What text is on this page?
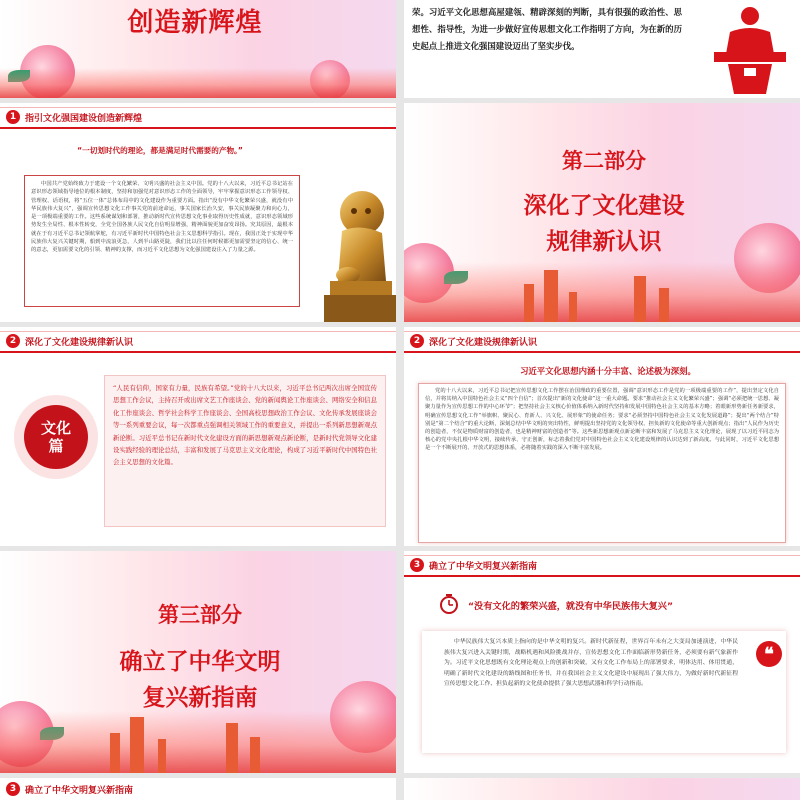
创造新辉煌	荣。习近平文化思想高屋建瓴、精辟深刻的判断，具有很强的政治性、思想性、指导性，为进一步做好宣传思想文化工作指明了方向，为在新的历史起点上推进文化强国建设迈出了坚实步伐。
1 指引文化强国建设创造新辉煌
“一切划时代的理论，都是满足时代需要的产物。”
中国共产党始终致力于建设一个文化繁荣、文明兴盛的社会主义中国。党的十八大以来，习近平总书记站在意识形态领域指导地位的根本制度，坚持和加强党对意识形态工作的全面领导，牢牢掌握意识形态工作领导权、管理权、话语权，将“五位一体”总体布局中的文化建设作为重要方面。指出“没有中华文化繁荣兴盛，就没有中华民族伟大复兴”，强调宣传思想文化工作事关党的前途命运，事关国家长治久安，事关民族凝聚力和向心力，是一项极端重要的工作。这些系统谋划和部署，推动新时代宣传思想文化事业取得历史性成就，意识形态领域形势发生全局性、根本性转变，全党全国各族人民文化自信明显增强，精神面貌更加奋发昂扬。究其原因，最根本就在于有习近平总书记领航掌舵，有习近平新时代中国特色社会主义思想科学指引。现在，我国正处于实现中华民族伟大复兴关键时期，船到中流浪更急，人到半山路更陡，我们比以往任何时候都更加需要坚定的信心、统一的意志，更加需要文化的引领、精神的支撑，而习近平文化思想为文化强国建设注入了力量之源。
第二部分
深化了文化建设
规律新认识
2 深化了文化建设规律新认识
文化篇
“人民有信仰，国家有力量，民族有希望。”党的十八大以来，习近平总书记两次出席全国宣传思想工作会议，主持召开或出席文艺工作座谈会、党的新闻舆论工作座谈会、网络安全和信息化工作座谈会、哲学社会科学工作座谈会、全国高校思想政治工作会议、文化传承发展座谈会等一系列重要会议，每一次都重点强调相关领域工作的重要意义，并提出一系列新思想新观点新论断。习近平总书记在新时代文化建设方面的新思想新观点新论断，是新时代党领导文化建设实践经验的理论总结，丰富和发展了马克思主义文化理论，构成了习近平新时代中国特色社会主义思想的文化篇。
2 深化了文化建设规律新认识
习近平文化思想内涵十分丰富、论述极为深刻。
党的十八大以来，习近平总书记把宣传思想文化工作摆在治国理政的重要位置，强调“意识形态工作是党的一项极端重要的工作”，提出坚定文化自信，并将其纳入中国特色社会主义“四个自信”；首次提出“新的文化使命”这一重大命题。要求“推动社会主义文化繁荣兴盛”；强调“必须把统一思想、凝聚力量作为宣传思想工作的中心环节”；把坚持社会主义核心价值体系纳入新时代坚持和发展中国特色社会主义的基本方略；着眼新形势新任务新要求，明确宣传思想文化工作“举旗帜、聚民心、育新人、兴文化、展形象”的使命任务；要求“必须坚持中国特色社会主义文化发展道路”；提出“两个结合”特别是“第二个结合”的重大论断，深刻总结中华文明的突出特性，鲜明提出坚持党的文化领导权、担负新的文化使命等重大创新观点；指出“人民作为历史的创造者，不仅是物质财富的创造者，也是精神财富的创造者”等。这些新思想新观点新论断丰富和发展了马克思主义文化理论，展现了以习近平同志为核心的党中央扎根中华文明，接续传承、守正创新，标志着我们党对中国特色社会主义文化建设规律的认识达到了新高度。与此同时，习近平文化思想是一个不断展开的、开放式的思想体系，必将随着实践的深入不断丰富发展。
第三部分
确立了中华文明
复兴新指南
3 确立了中华文明复兴新指南
“没有文化的繁荣兴盛，就没有中华民族伟大复兴”
中华民族伟大复兴本质上指向的是中华文明的复兴。新时代新征程，世界百年未有之大变局加速演进，中华民族伟大复兴进入关键时期，战略机遇和风险挑战并存，宣传思想文化工作面临新形势新任务，必须要有新气象新作为。习近平文化思想既有文化理论观点上的创新和突破，又有文化工作布局上的部署要求，明体达用、体用贯通，明确了新时代文化建设的路线图和任务书，并在我国社会主义文化建设中展现出了强大伟力，为做好新时代新征程宣传思想文化工作、担负起新的文化使命提供了强大思想武器和科学行动指南。
❝
3 确立了中华文明复兴新指南
